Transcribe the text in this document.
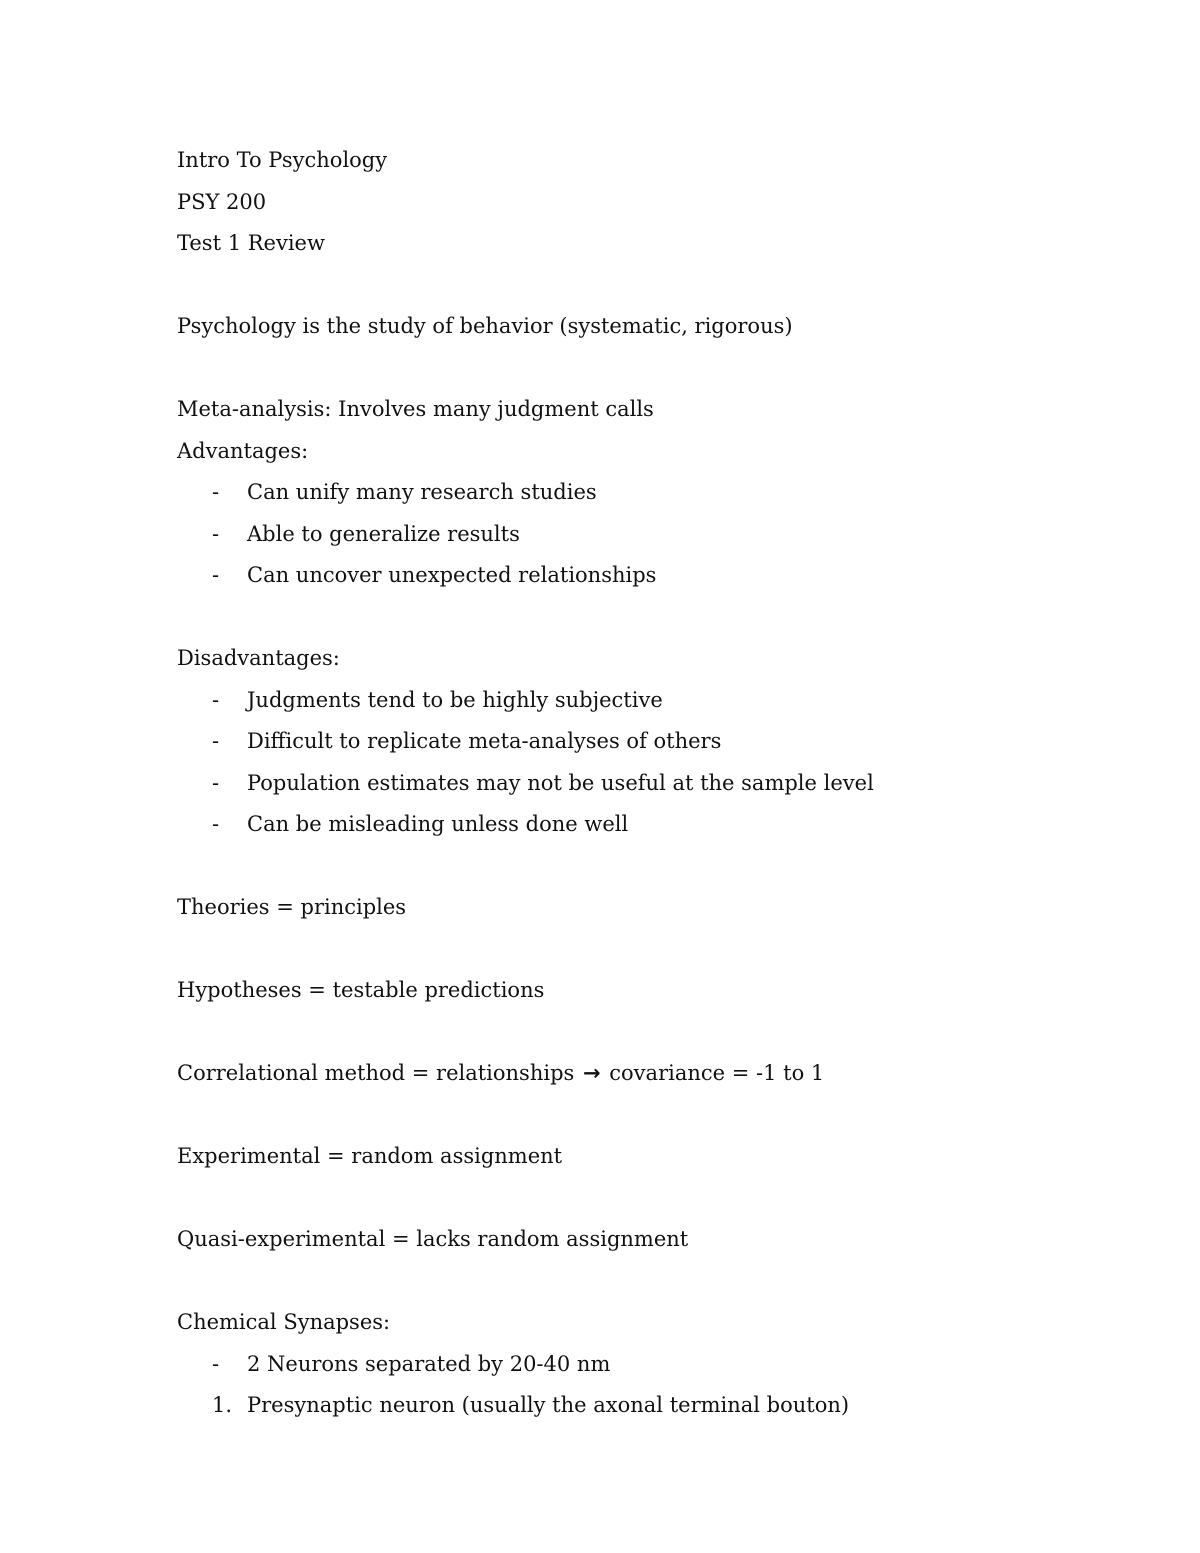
Intro To Psychology
PSY 200
Test 1 Review
Psychology is the study of behavior (systematic, rigorous)
Meta-analysis: Involves many judgment calls
Advantages:
- Can unify many research studies
- Able to generalize results
- Can uncover unexpected relationships
Disadvantages:
- Judgments tend to be highly subjective
- Difficult to replicate meta-analyses of others
- Population estimates may not be useful at the sample level
- Can be misleading unless done well
Theories = principles
Hypotheses = testable predictions
Correlational method = relationships → covariance = -1 to 1
Experimental = random assignment
Quasi-experimental = lacks random assignment
Chemical Synapses:
- 2 Neurons separated by 20-40 nm
1. Presynaptic neuron (usually the axonal terminal bouton)
